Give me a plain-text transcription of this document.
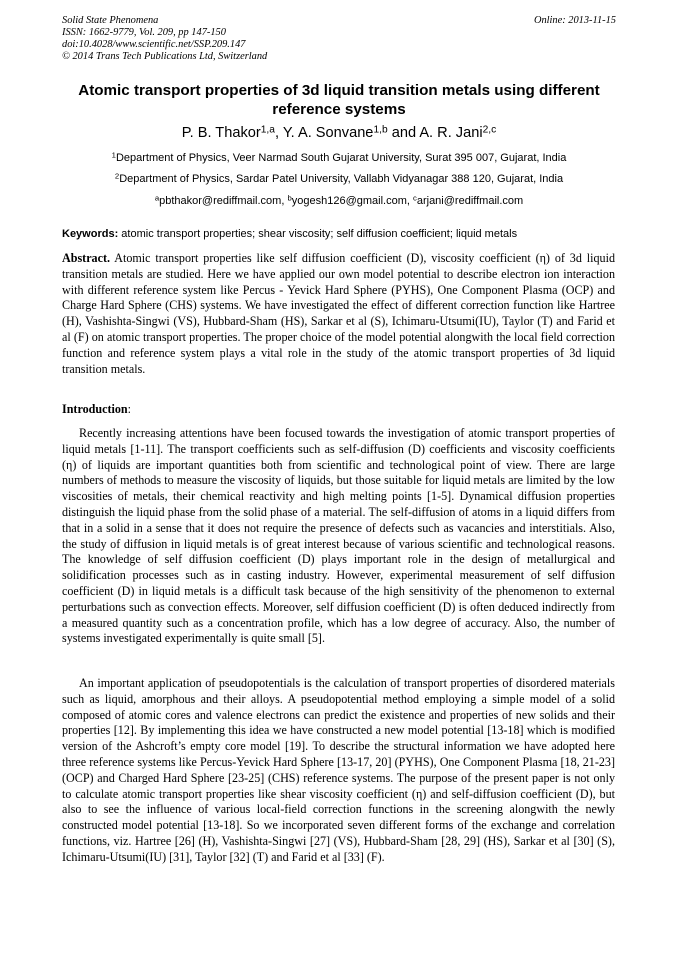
Solid State Phenomena
ISSN: 1662-9779, Vol. 209, pp 147-150
doi:10.4028/www.scientific.net/SSP.209.147
© 2014 Trans Tech Publications Ltd, Switzerland
Online: 2013-11-15
Atomic transport properties of 3d liquid transition metals using different reference systems
P. B. Thakor$^{1,a}$, Y. A. Sonvane$^{1,b}$ and A. R. Jani$^{2,c}$
$^1$Department of Physics, Veer Narmad South Gujarat University, Surat 395 007, Gujarat, India
$^2$Department of Physics, Sardar Patel University, Vallabh Vidyanagar 388 120, Gujarat, India
$^a$pbthakor@rediffmail.com, $^b$yogesh126@gmail.com, $^c$arjani@rediffmail.com
Keywords: atomic transport properties; shear viscosity; self diffusion coefficient; liquid metals
Abstract. Atomic transport properties like self diffusion coefficient (D), viscosity coefficient (η) of 3d liquid transition metals are studied. Here we have applied our own model potential to describe electron ion interaction with different reference system like Percus - Yevick Hard Sphere (PYHS), One Component Plasma (OCP) and Charge Hard Sphere (CHS) systems. We have investigated the effect of different correction function like Hartree (H), Vashishta-Singwi (VS), Hubbard-Sham (HS), Sarkar et al (S), Ichimaru-Utsumi(IU), Taylor (T) and Farid et al (F) on atomic transport properties. The proper choice of the model potential alongwith the local field correction function and reference system plays a vital role in the study of the atomic transport properties of 3d liquid transition metals.
Introduction:
Recently increasing attentions have been focused towards the investigation of atomic transport properties of liquid metals [1-11]. The transport coefficients such as self-diffusion (D) coefficients and viscosity coefficients (η) of liquids are important quantities both from scientific and technological point of view. There are large numbers of methods to measure the viscosity of liquids, but those suitable for liquid metals are limited by the low viscosities of metals, their chemical reactivity and high melting points [1-5]. Dynamical diffusion properties distinguish the liquid phase from the solid phase of a material. The self-diffusion of atoms in a liquid differs from that in a solid in a sense that it does not require the presence of defects such as vacancies and interstitials. Also, the study of diffusion in liquid metals is of great interest because of various scientific and technological reasons. The knowledge of self diffusion coefficient (D) plays important role in the design of metallurgical and solidification processes such as in casting industry. However, experimental measurement of self diffusion coefficient (D) in liquid metals is a difficult task because of the high sensitivity of the phenomenon to external perturbations such as convection effects. Moreover, self diffusion coefficient (D) is often deduced indirectly from a measured quantity such as a concentration profile, which has a low degree of accuracy. Also, the number of systems investigated experimentally is quite small [5].
An important application of pseudopotentials is the calculation of transport properties of disordered materials such as liquid, amorphous and their alloys. A pseudopotential method employing a simple model of a solid composed of atomic cores and valence electrons can predict the existence and properties of new solids and their properties [12]. By implementing this idea we have constructed a new model potential [13-18] which is modified version of the Ashcroft’s empty core model [19]. To describe the structural information we have adopted here three reference systems like Percus-Yevick Hard Sphere [13-17, 20] (PYHS), One Component Plasma [18, 21-23] (OCP) and Charged Hard Sphere [23-25] (CHS) reference systems. The purpose of the present paper is not only to calculate atomic transport properties like shear viscosity coefficient (η) and self-diffusion coefficient (D), but also to see the influence of various local-field correction functions in the screening alongwith the newly constructed model potential [13-18]. So we incorporated seven different forms of the exchange and correlation functions, viz. Hartree [26] (H), Vashishta-Singwi [27] (VS), Hubbard-Sham [28, 29] (HS), Sarkar et al [30] (S), Ichimaru-Utsumi(IU) [31], Taylor [32] (T) and Farid et al [33] (F).
